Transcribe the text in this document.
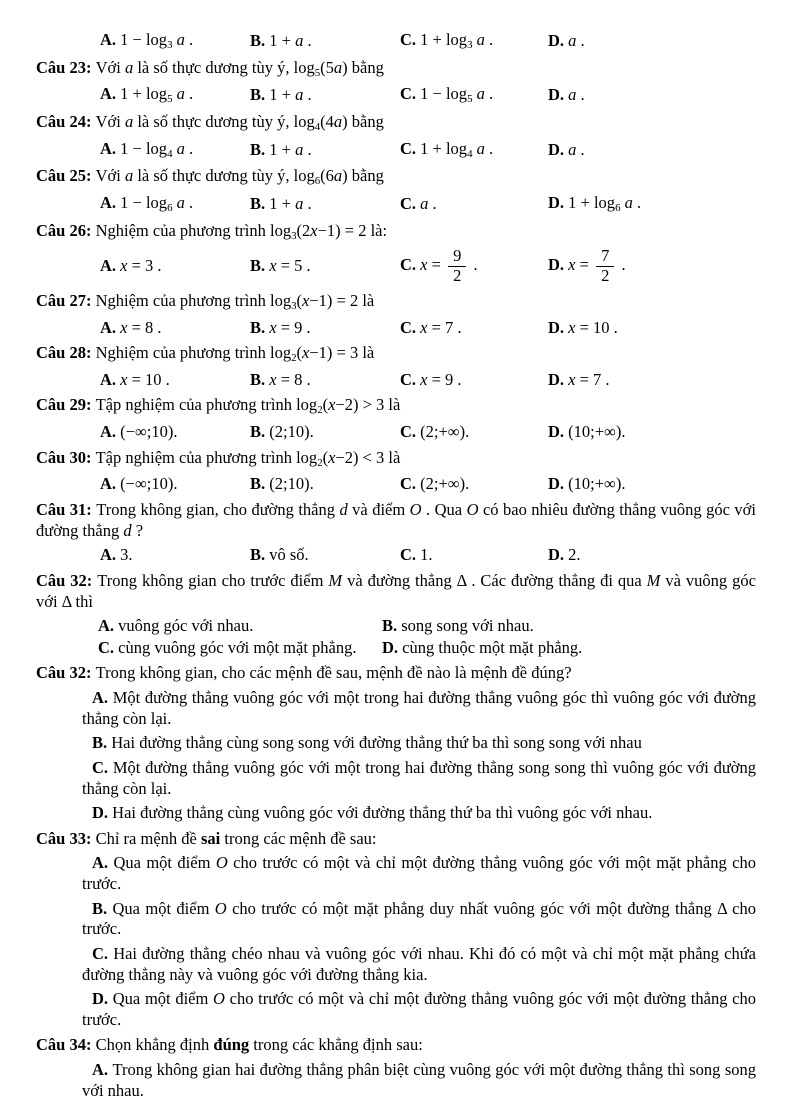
A. 1 − log3 a .	B. 1 + a .	C. 1 + log3 a .	D. a .

Câu 23: Với a là số thực dương tùy ý, log5(5a) bằng

A. 1 + log5 a .	B. 1 + a .	C. 1 − log5 a .	D. a .

Câu 24: Với a là số thực dương tùy ý, log4(4a) bằng

A. 1 − log4 a .	B. 1 + a .	C. 1 + log4 a .	D. a .

Câu 25: Với a là số thực dương tùy ý, log6(6a) bằng

A. 1 − log6 a .	B. 1 + a .	C. a .	D. 1 + log6 a .

Câu 26: Nghiệm của phương trình log3(2x−1) = 2 là:

A. x = 3 .	B. x = 5 .	C. $x = \frac{9}{2}$ .	D. $x = \frac{7}{2}$ .

Câu 27: Nghiệm của phương trình log3(x−1) = 2 là

A. x = 8 .	B. x = 9 .	C. x = 7 .	D. x = 10 .

Câu 28: Nghiệm của phương trình log2(x−1) = 3 là

A. x = 10 .	B. x = 8 .	C. x = 9 .	D. x = 7 .

Câu 29: Tập nghiệm của phương trình log2(x−2) > 3 là

A. (−∞;10).	B. (2;10).	C. (2;+∞).	D. (10;+∞).

Câu 30: Tập nghiệm của phương trình log2(x−2) < 3 là

A. (−∞;10).	B. (2;10).	C. (2;+∞).	D. (10;+∞).

Câu 31: Trong không gian, cho đường thẳng d và điểm O . Qua O có bao nhiêu đường thẳng vuông góc với đường thẳng d ?

A. 3.	B. vô số.	C. 1.	D. 2.

Câu 32: Trong không gian cho trước điểm M và đường thẳng Δ . Các đường thẳng đi qua M và vuông góc với Δ thì

A. vuông góc với nhau.	B. song song với nhau.
C. cùng vuông góc với một mặt phẳng.	D. cùng thuộc một mặt phẳng.

Câu 32: Trong không gian, cho các mệnh đề sau, mệnh đề nào là mệnh đề đúng?

A. Một đường thẳng vuông góc với một trong hai đường thẳng vuông góc thì vuông góc với đường thẳng còn lại.

B. Hai đường thẳng cùng song song với đường thẳng thứ ba thì song song với nhau

C. Một đường thẳng vuông góc với một trong hai đường thẳng song song thì vuông góc với đường thẳng còn lại.

D. Hai đường thẳng cùng vuông góc với đường thẳng thứ ba thì vuông góc với nhau.

Câu 33: Chỉ ra mệnh đề sai trong các mệnh đề sau:

A. Qua một điểm O cho trước có một và chỉ một đường thẳng vuông góc với một mặt phẳng cho trước.

B. Qua một điểm O cho trước có một mặt phẳng duy nhất vuông góc với một đường thẳng Δ cho trước.

C. Hai đường thẳng chéo nhau và vuông góc với nhau. Khi đó có một và chỉ một mặt phẳng chứa đường thẳng này và vuông góc với đường thẳng kia.

D. Qua một điểm O cho trước có một và chỉ một đường thẳng vuông góc với một đường thẳng cho trước.

Câu 34: Chọn khẳng định đúng trong các khẳng định sau:

A. Trong không gian hai đường thẳng phân biệt cùng vuông góc với một đường thẳng thì song song với nhau.
